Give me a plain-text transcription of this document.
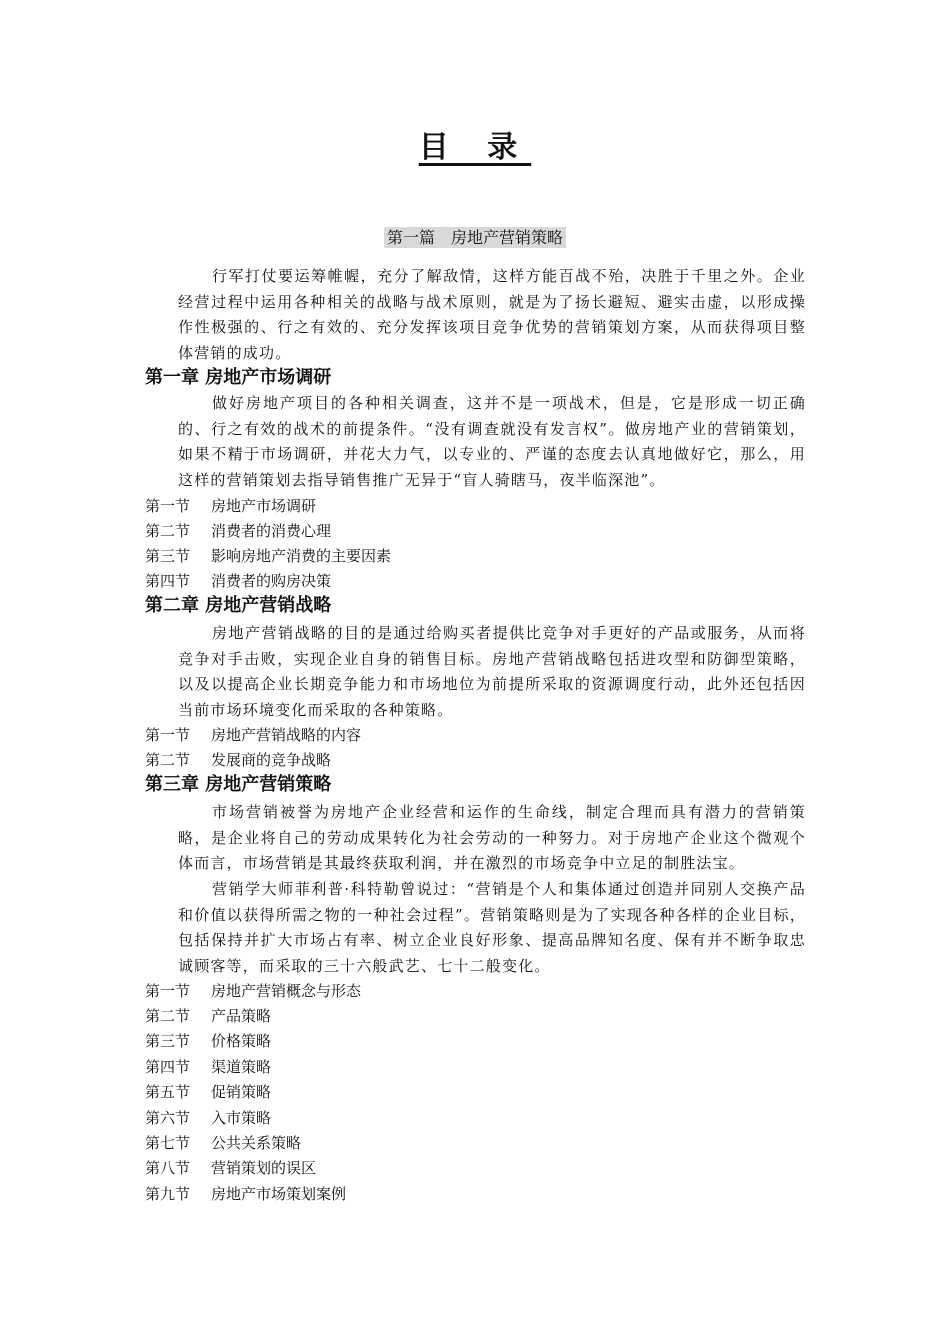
目 录
第一篇　房地产营销策略

行军打仗要运筹帷幄，充分了解敌情，这样方能百战不殆，决胜于千里之外。企业经营过程中运用各种相关的战略与战术原则，就是为了扬长避短、避实击虚，以形成操作性极强的、行之有效的、充分发挥该项目竞争优势的营销策划方案，从而获得项目整体营销的成功。

第一章 房地产市场调研

做好房地产项目的各种相关调查，这并不是一项战术，但是，它是形成一切正确的、行之有效的战术的前提条件。“没有调查就没有发言权”。做房地产业的营销策划，如果不精于市场调研，并花大力气，以专业的、严谨的态度去认真地做好它，那么，用这样的营销策划去指导销售推广无异于“盲人骑瞎马，夜半临深池”。

第一节 房地产市场调研
第二节 消费者的消费心理
第三节 影响房地产消费的主要因素
第四节 消费者的购房决策
第二章 房地产营销战略

房地产营销战略的目的是通过给购买者提供比竞争对手更好的产品或服务，从而将竞争对手击败，实现企业自身的销售目标。房地产营销战略包括进攻型和防御型策略，以及以提高企业长期竞争能力和市场地位为前提所采取的资源调度行动，此外还包括因当前市场环境变化而采取的各种策略。

第一节 房地产营销战略的内容
第二节 发展商的竞争战略
第三章 房地产营销策略

市场营销被誉为房地产企业经营和运作的生命线，制定合理而具有潜力的营销策略，是企业将自己的劳动成果转化为社会劳动的一种努力。对于房地产企业这个微观个体而言，市场营销是其最终获取利润，并在激烈的市场竞争中立足的制胜法宝。

营销学大师菲利普·科特勒曾说过：“营销是个人和集体通过创造并同别人交换产品和价值以获得所需之物的一种社会过程”。营销策略则是为了实现各种各样的企业目标，包括保持并扩大市场占有率、树立企业良好形象、提高品牌知名度、保有并不断争取忠诚顾客等，而采取的三十六般武艺、七十二般变化。

第一节 房地产营销概念与形态
第二节 产品策略
第三节 价格策略
第四节 渠道策略
第五节 促销策略
第六节 入市策略
第七节 公共关系策略
第八节 营销策划的误区
第九节 房地产市场策划案例
